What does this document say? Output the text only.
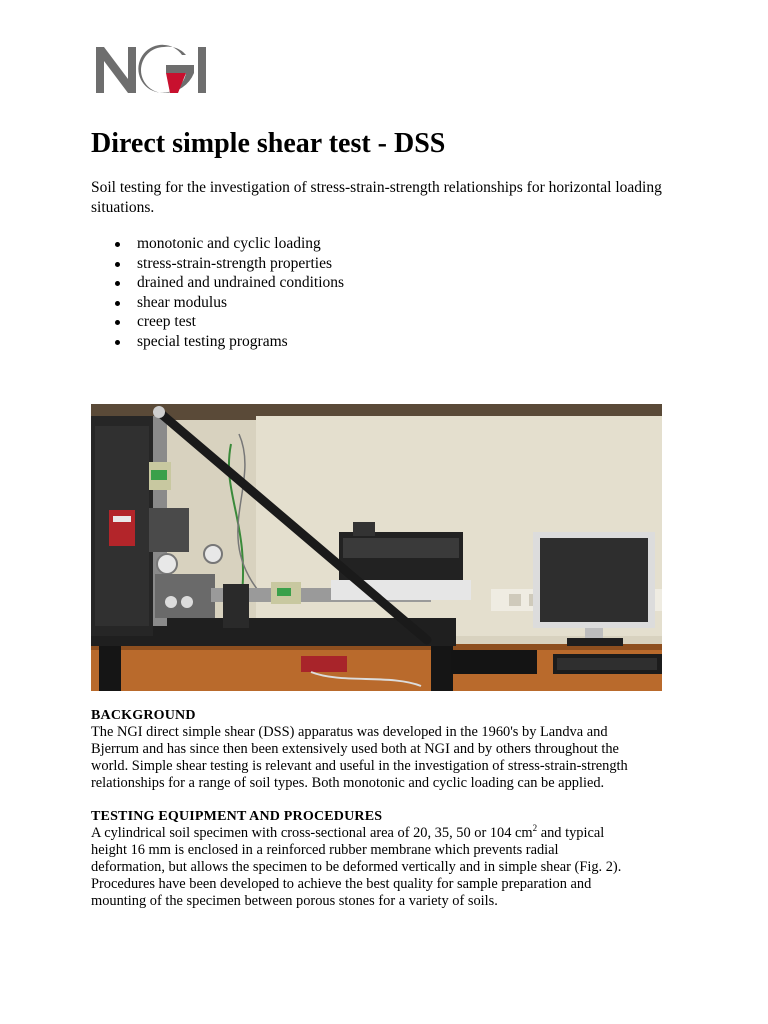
Direct simple shear test - DSS

Soil testing for the investigation of stress-strain-strength relationships for horizontal loading situations.

monotonic and cyclic loading
stress-strain-strength properties
drained and undrained conditions
shear modulus
creep test
special testing programs
BACKGROUND

The NGI direct simple shear (DSS) apparatus was developed in the 1960's by Landva and
Bjerrum and has since then been extensively used both at NGI and by others throughout the
world. Simple shear testing is relevant and useful in the investigation of stress-strain-strength
relationships for a range of soil types. Both monotonic and cyclic loading can be applied.

TESTING EQUIPMENT AND PROCEDURES

A cylindrical soil specimen with cross-sectional area of 20, 35, 50 or 104 $cm^2$ and typical
height 16 mm is enclosed in a reinforced rubber membrane which prevents radial
deformation, but allows the specimen to be deformed vertically and in simple shear (Fig. 2).
Procedures have been developed to achieve the best quality for sample preparation and
mounting of the specimen between porous stones for a variety of soils.
